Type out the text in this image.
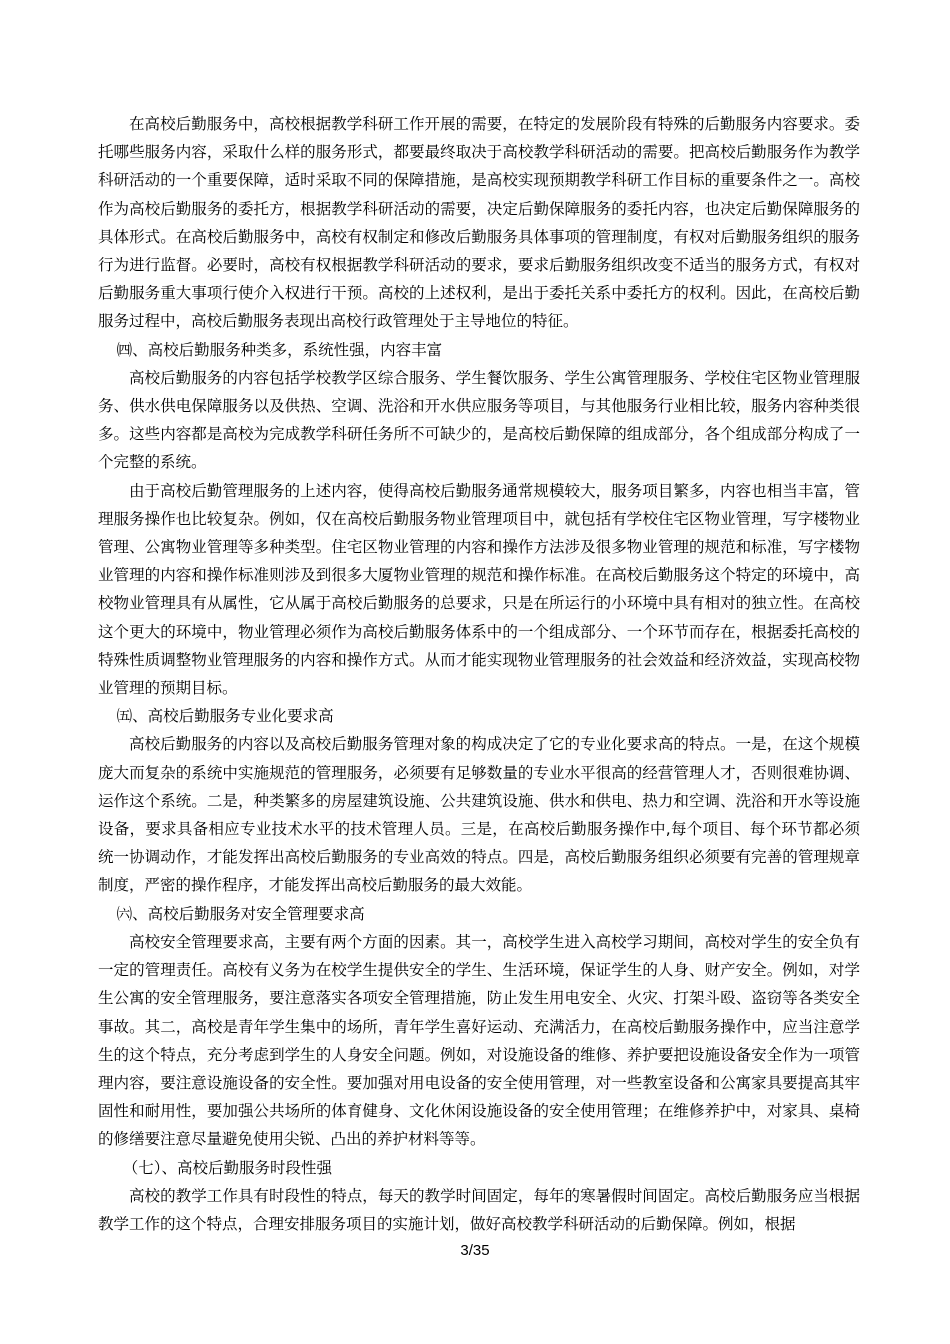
在高校后勤服务中，高校根据教学科研工作开展的需要，在特定的发展阶段有特殊的后勤服务内容要求。委托哪些服务内容，采取什么样的服务形式，都要最终取决于高校教学科研活动的需要。把高校后勤服务作为教学科研活动的一个重要保障，适时采取不同的保障措施，是高校实现预期教学科研工作目标的重要条件之一。高校作为高校后勤服务的委托方，根据教学科研活动的需要，决定后勤保障服务的委托内容，也决定后勤保障服务的具体形式。在高校后勤服务中，高校有权制定和修改后勤服务具体事项的管理制度，有权对后勤服务组织的服务行为进行监督。必要时，高校有权根据教学科研活动的要求，要求后勤服务组织改变不适当的服务方式，有权对后勤服务重大事项行使介入权进行干预。高校的上述权利，是出于委托关系中委托方的权利。因此，在高校后勤服务过程中，高校后勤服务表现出高校行政管理处于主导地位的特征。

㈣、高校后勤服务种类多，系统性强，内容丰富

高校后勤服务的内容包括学校教学区综合服务、学生餐饮服务、学生公寓管理服务、学校住宅区物业管理服务、供水供电保障服务以及供热、空调、洗浴和开水供应服务等项目，与其他服务行业相比较，服务内容种类很多。这些内容都是高校为完成教学科研任务所不可缺少的，是高校后勤保障的组成部分，各个组成部分构成了一个完整的系统。

由于高校后勤管理服务的上述内容，使得高校后勤服务通常规模较大，服务项目繁多，内容也相当丰富，管理服务操作也比较复杂。例如，仅在高校后勤服务物业管理项目中，就包括有学校住宅区物业管理，写字楼物业管理、公寓物业管理等多种类型。住宅区物业管理的内容和操作方法涉及很多物业管理的规范和标准，写字楼物业管理的内容和操作标准则涉及到很多大厦物业管理的规范和操作标准。在高校后勤服务这个特定的环境中，高校物业管理具有从属性，它从属于高校后勤服务的总要求，只是在所运行的小环境中具有相对的独立性。在高校这个更大的环境中，物业管理必须作为高校后勤服务体系中的一个组成部分、一个环节而存在，根据委托高校的特殊性质调整物业管理服务的内容和操作方式。从而才能实现物业管理服务的社会效益和经济效益，实现高校物业管理的预期目标。

㈤、高校后勤服务专业化要求高

高校后勤服务的内容以及高校后勤服务管理对象的构成决定了它的专业化要求高的特点。一是，在这个规模庞大而复杂的系统中实施规范的管理服务，必须要有足够数量的专业水平很高的经营管理人才，否则很难协调、运作这个系统。二是，种类繁多的房屋建筑设施、公共建筑设施、供水和供电、热力和空调、洗浴和开水等设施设备，要求具备相应专业技术水平的技术管理人员。三是，在高校后勤服务操作中,每个项目、每个环节都必须统一协调动作，才能发挥出高校后勤服务的专业高效的特点。四是，高校后勤服务组织必须要有完善的管理规章制度，严密的操作程序，才能发挥出高校后勤服务的最大效能。

㈥、高校后勤服务对安全管理要求高

高校安全管理要求高，主要有两个方面的因素。其一，高校学生进入高校学习期间，高校对学生的安全负有一定的管理责任。高校有义务为在校学生提供安全的学生、生活环境，保证学生的人身、财产安全。例如，对学生公寓的安全管理服务，要注意落实各项安全管理措施，防止发生用电安全、火灾、打架斗殴、盗窃等各类安全事故。其二，高校是青年学生集中的场所，青年学生喜好运动、充满活力，在高校后勤服务操作中，应当注意学生的这个特点，充分考虑到学生的人身安全问题。例如，对设施设备的维修、养护要把设施设备安全作为一项管理内容，要注意设施设备的安全性。要加强对用电设备的安全使用管理，对一些教室设备和公寓家具要提高其牢固性和耐用性，要加强公共场所的体育健身、文化休闲设施设备的安全使用管理；在维修养护中，对家具、桌椅的修缮要注意尽量避免使用尖锐、凸出的养护材料等等。

（七）、高校后勤服务时段性强

高校的教学工作具有时段性的特点，每天的教学时间固定，每年的寒暑假时间固定。高校后勤服务应当根据教学工作的这个特点，合理安排服务项目的实施计划，做好高校教学科研活动的后勤保障。例如，根据

3/35
